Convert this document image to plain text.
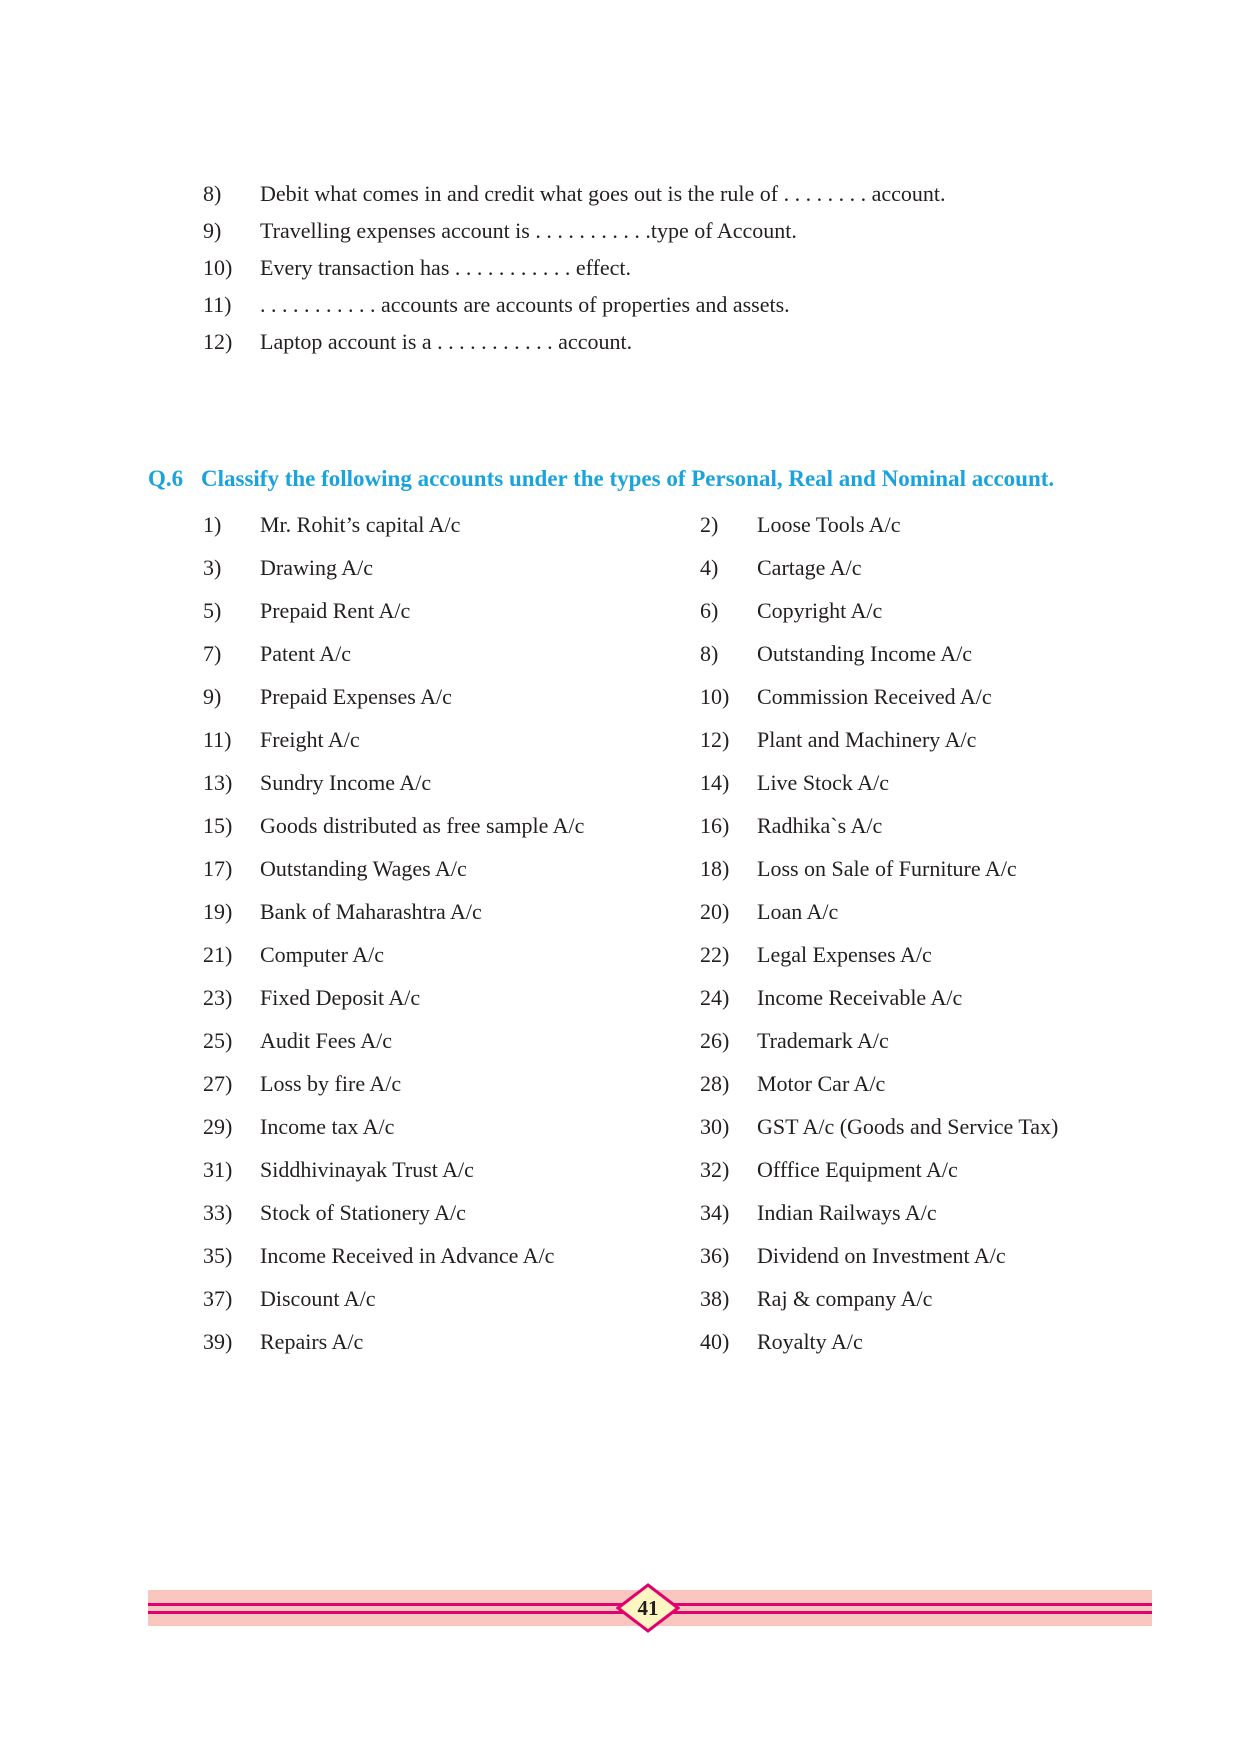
8)	Debit what comes in and credit what goes out is the rule of . . . . . . . . account.
9)	Travelling expenses account is . . . . . . . . . . .type of Account.
10)	Every transaction has . . . . . . . . . . . effect.
11)	. . . . . . . . . . . accounts are accounts of properties and assets.
12)	Laptop account is a . . . . . . . . . . . account.
Q.6 Classify the following accounts under the types of Personal, Real and Nominal account.
1)	Mr. Rohit’s capital A/c	2)	Loose Tools A/c
3)	Drawing A/c	4)	Cartage A/c
5)	Prepaid Rent A/c	6)	Copyright A/c
7)	Patent A/c	8)	Outstanding Income A/c
9)	Prepaid Expenses A/c	10)	Commission Received A/c
11)	Freight A/c	12)	Plant and Machinery A/c
13)	Sundry Income A/c	14)	Live Stock A/c
15)	Goods distributed as free sample A/c	16)	Radhika`s A/c
17)	Outstanding Wages A/c	18)	Loss on Sale of Furniture A/c
19)	Bank of Maharashtra A/c	20)	Loan A/c
21)	Computer A/c	22)	Legal Expenses A/c
23)	Fixed Deposit A/c	24)	Income Receivable A/c
25)	Audit Fees A/c	26)	Trademark A/c
27)	Loss by fire A/c	28)	Motor Car A/c
29)	Income tax A/c	30)	GST A/c (Goods and Service Tax)
31)	Siddhivinayak Trust A/c	32)	Offfice Equipment A/c
33)	Stock of Stationery A/c	34)	Indian Railways A/c
35)	Income Received in Advance A/c	36)	Dividend on Investment A/c
37)	Discount A/c	38)	Raj & company A/c
39)	Repairs A/c	40)	Royalty A/c
41
